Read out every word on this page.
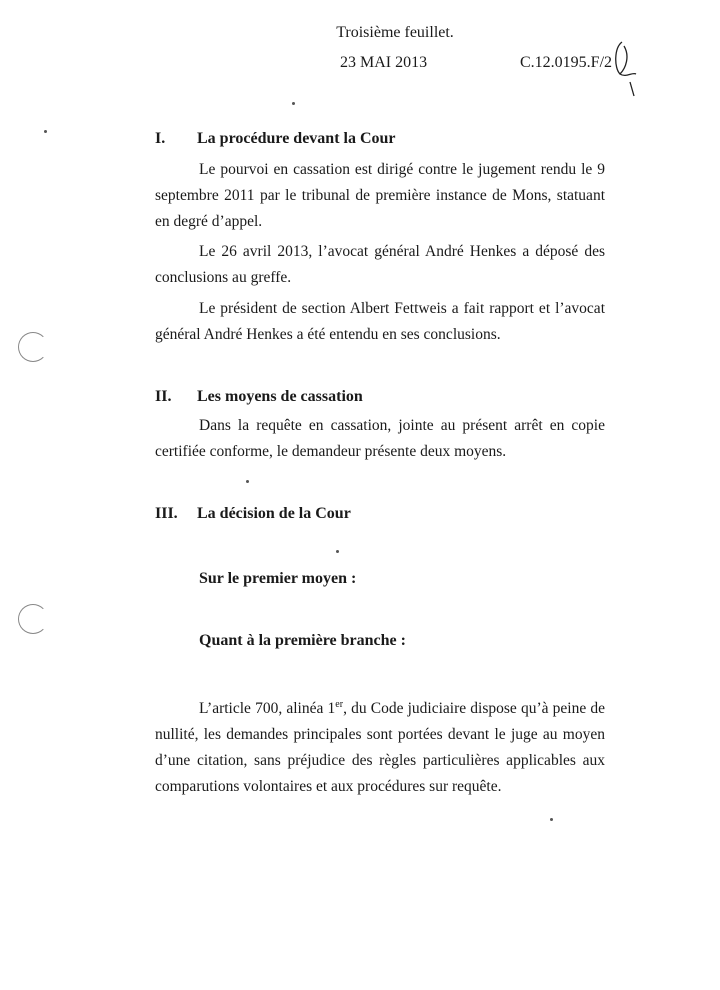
Troisième feuillet.
23 MAI 2013	C.12.0195.F/2
I. La procédure devant la Cour

Le pourvoi en cassation est dirigé contre le jugement rendu le 9 septembre 2011 par le tribunal de première instance de Mons, statuant en degré d’appel.

Le 26 avril 2013, l’avocat général André Henkes a déposé des conclusions au greffe.

Le président de section Albert Fettweis a fait rapport et l’avocat général André Henkes a été entendu en ses conclusions.

II. Les moyens de cassation

Dans la requête en cassation, jointe au présent arrêt en copie certifiée conforme, le demandeur présente deux moyens.

III. La décision de la Cour
Sur le premier moyen :
Quant à la première branche :

L’article 700, alinéa 1er, du Code judiciaire dispose qu’à peine de nullité, les demandes principales sont portées devant le juge au moyen d’une citation, sans préjudice des règles particulières applicables aux comparutions volontaires et aux procédures sur requête.
